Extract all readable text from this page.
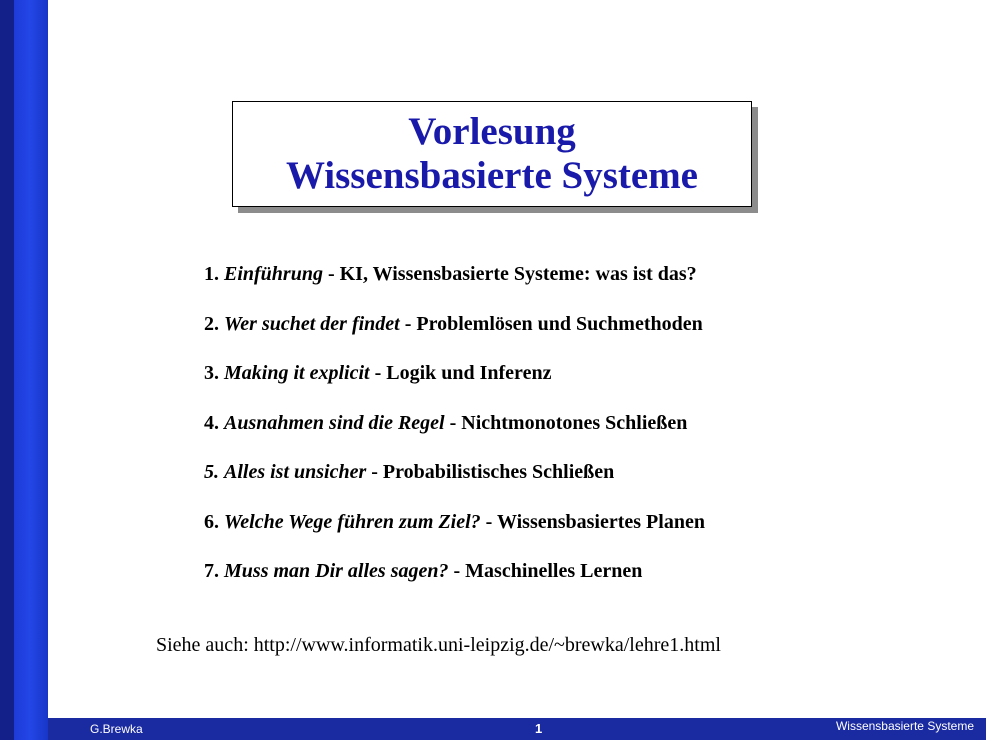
Vorlesung
Wissensbasierte Systeme
1. Einführung - KI, Wissensbasierte Systeme: was ist das?
2. Wer suchet der findet - Problemlösen und Suchmethoden
3. Making it explicit - Logik und Inferenz
4. Ausnahmen sind die Regel - Nichtmonotones Schließen
5. Alles ist unsicher - Probabilistisches Schließen
6. Welche Wege führen zum Ziel? - Wissensbasiertes Planen
7. Muss man Dir alles sagen? - Maschinelles Lernen
Siehe auch: http://www.informatik.uni-leipzig.de/~brewka/lehre1.html
G.Brewka	1	Wissensbasierte Systeme
